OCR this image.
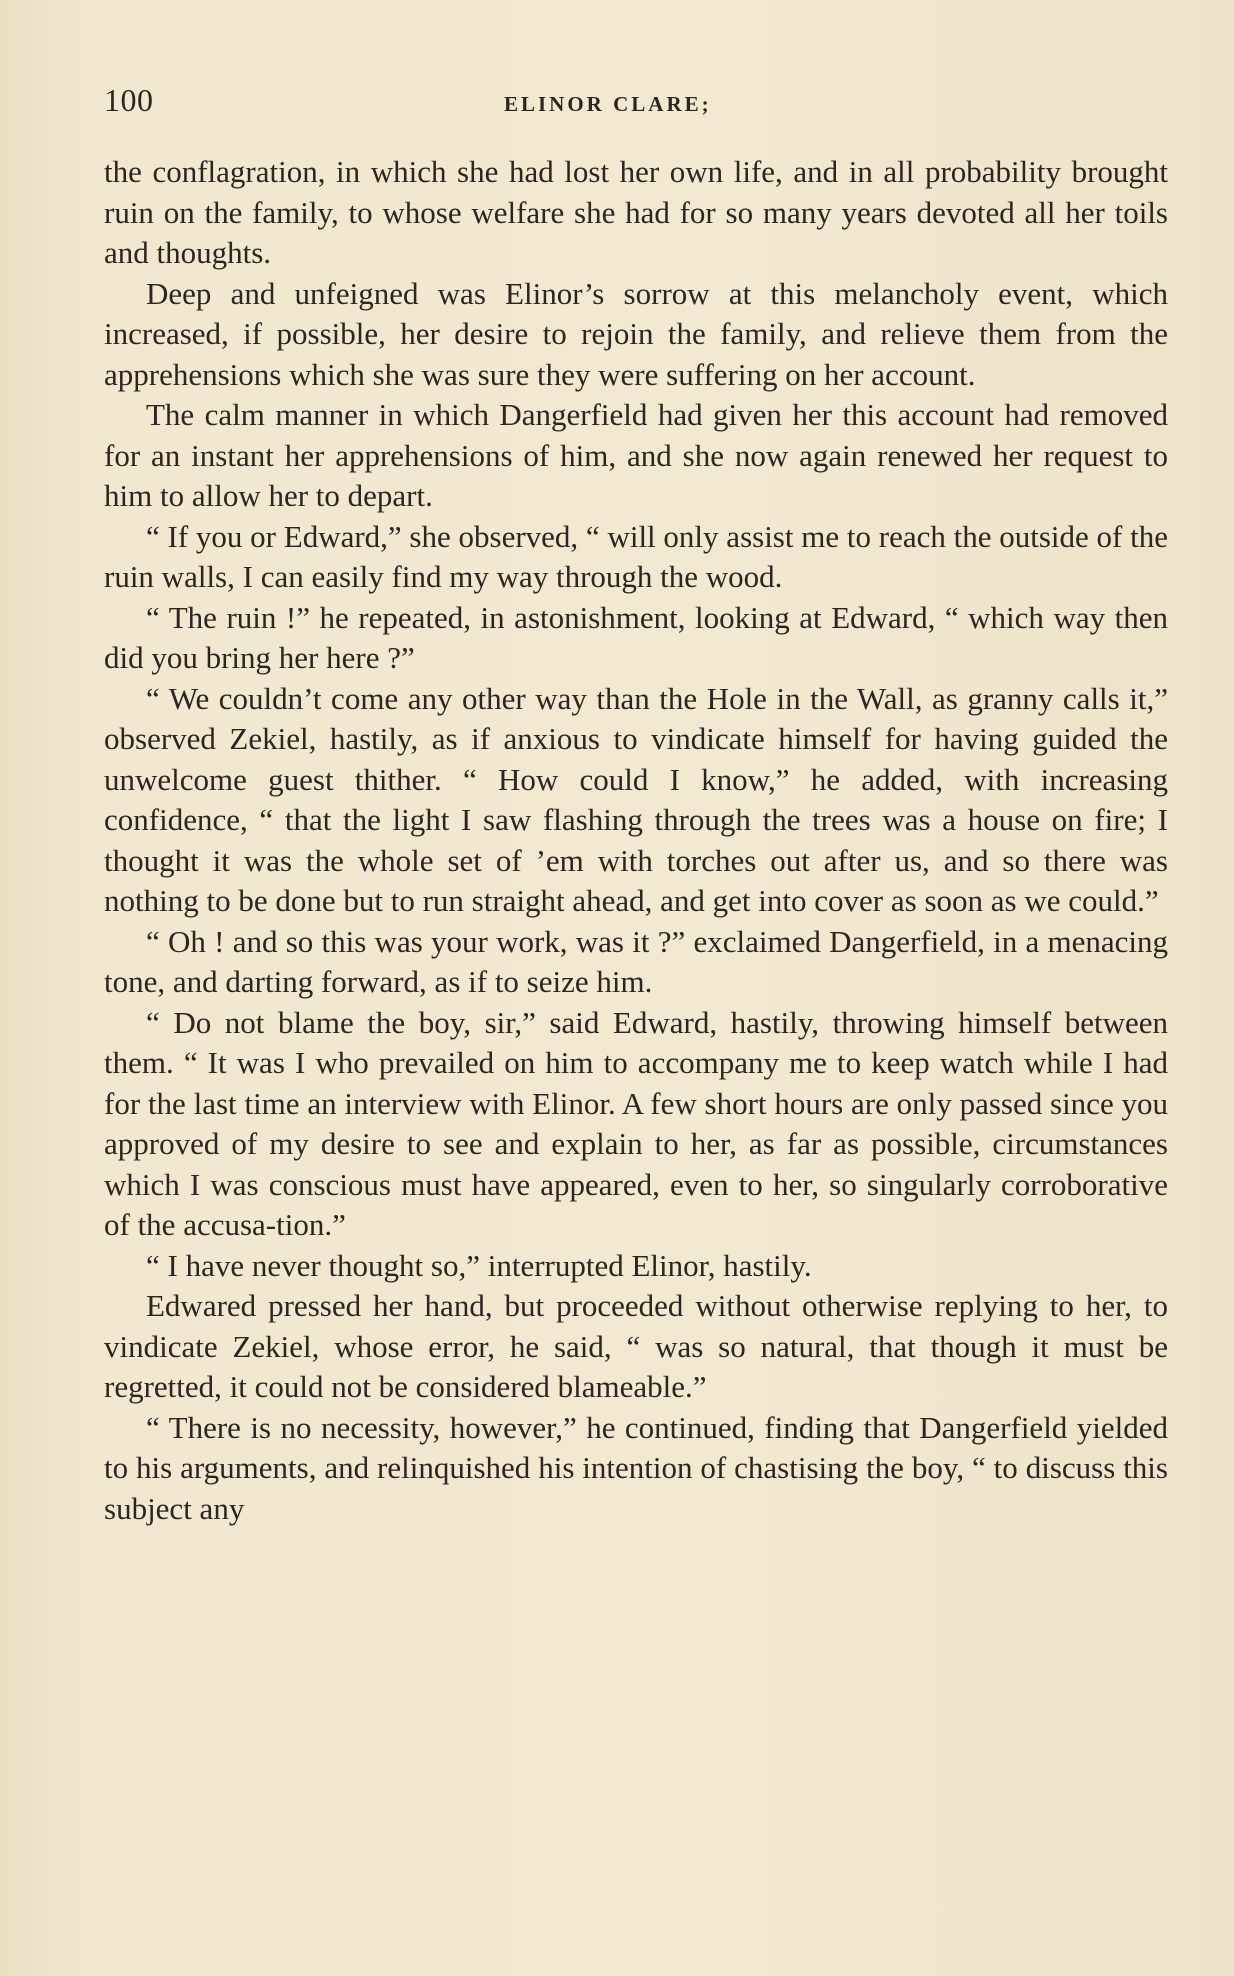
100	ELINOR CLARE;

the conflagration, in which she had lost her own life, and in all probability brought ruin on the family, to whose welfare she had for so many years devoted all her toils and thoughts.

Deep and unfeigned was Elinor’s sorrow at this melancholy event, which increased, if possible, her desire to rejoin the family, and relieve them from the apprehensions which she was sure they were suffering on her account.

The calm manner in which Dangerfield had given her this account had removed for an instant her apprehensions of him, and she now again renewed her request to him to allow her to depart.

“ If you or Edward,” she observed, “ will only assist me to reach the outside of the ruin walls, I can easily find my way through the wood.

“ The ruin !” he repeated, in astonishment, looking at Edward, “ which way then did you bring her here ?”

“ We couldn’t come any other way than the Hole in the Wall, as granny calls it,” observed Zekiel, hastily, as if anxious to vindicate himself for having guided the unwelcome guest thither. “ How could I know,” he added, with increasing confidence, “ that the light I saw flashing through the trees was a house on fire; I thought it was the whole set of ’em with torches out after us, and so there was nothing to be done but to run straight ahead, and get into cover as soon as we could.”

“ Oh ! and so this was your work, was it ?” exclaimed Dangerfield, in a menacing tone, and darting forward, as if to seize him.

“ Do not blame the boy, sir,” said Edward, hastily, throwing himself between them. “ It was I who prevailed on him to accompany me to keep watch while I had for the last time an interview with Elinor. A few short hours are only passed since you approved of my desire to see and explain to her, as far as possible, circumstances which I was conscious must have appeared, even to her, so singularly corroborative of the accusa-tion.”

“ I have never thought so,” interrupted Elinor, hastily.

Edwared pressed her hand, but proceeded without otherwise replying to her, to vindicate Zekiel, whose error, he said, “ was so natural, that though it must be regretted, it could not be considered blameable.”

“ There is no necessity, however,” he continued, finding that Dangerfield yielded to his arguments, and relinquished his intention of chastising the boy, “ to discuss this subject any
